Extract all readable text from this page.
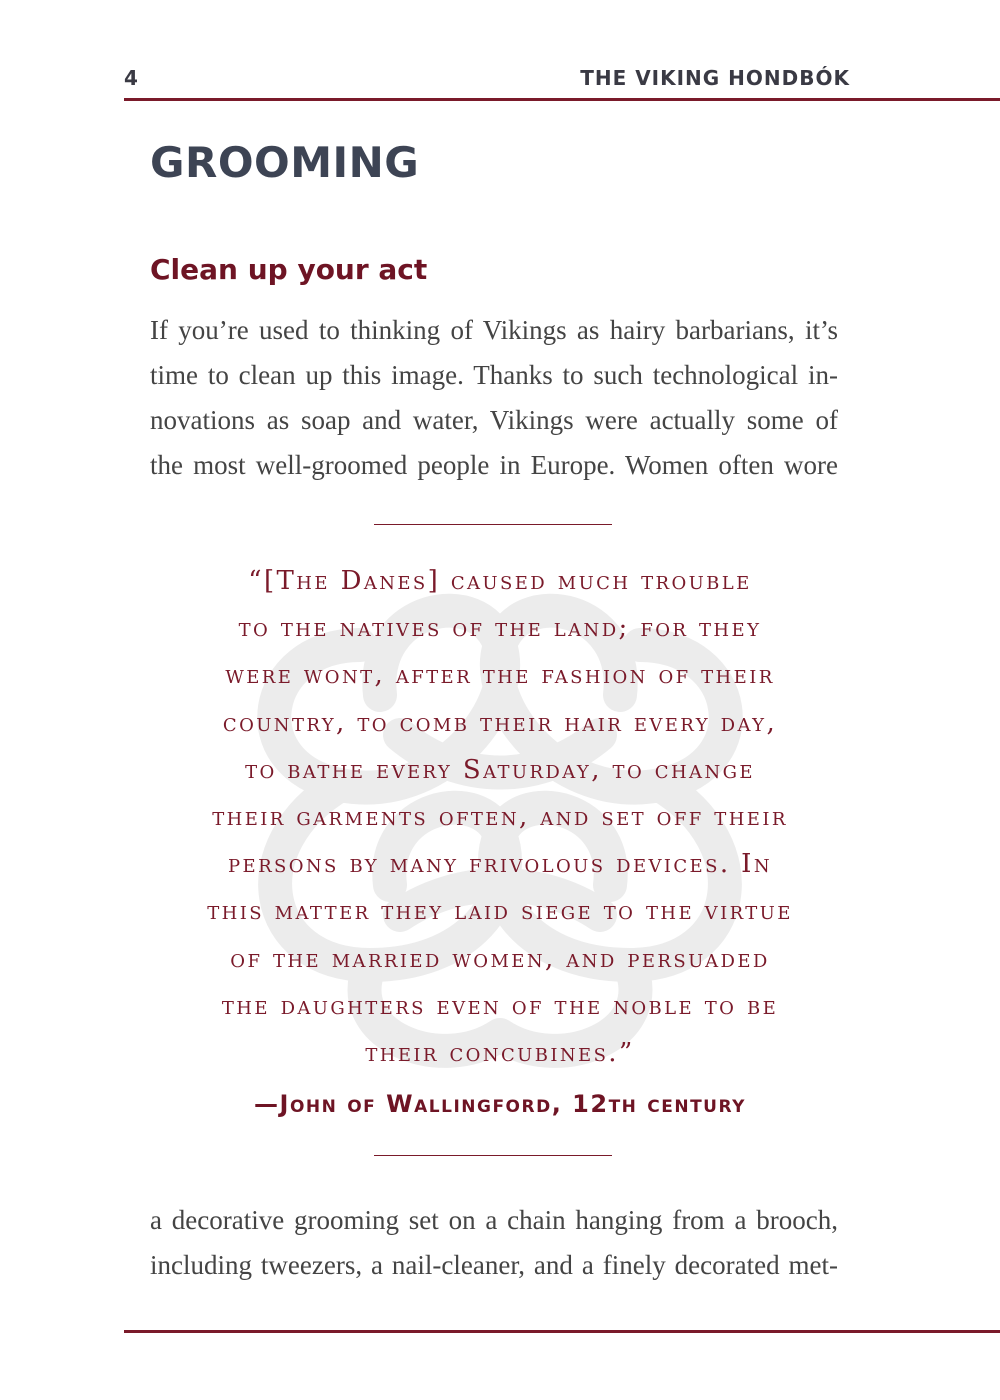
4	THE VIKING HONDBÓK
GROOMING
Clean up your act

If you’re used to thinking of Vikings as hairy barbarians, it’s
time to clean up this image. Thanks to such technological in-
novations as soap and water, Vikings were actually some of
the most well-groomed people in Europe. Women often wore

“[The Danes] caused much trouble
to the natives of the land; for they
were wont, after the fashion of their
country, to comb their hair every day,
to bathe every Saturday, to change
their garments often, and set off their
persons by many frivolous devices. In
this matter they laid siege to the virtue
of the married women, and persuaded
the daughters even of the noble to be
their concubines.”

—John of Wallingford, 12th century

a decorative grooming set on a chain hanging from a brooch,
including tweezers, a nail-cleaner, and a finely decorated met-
